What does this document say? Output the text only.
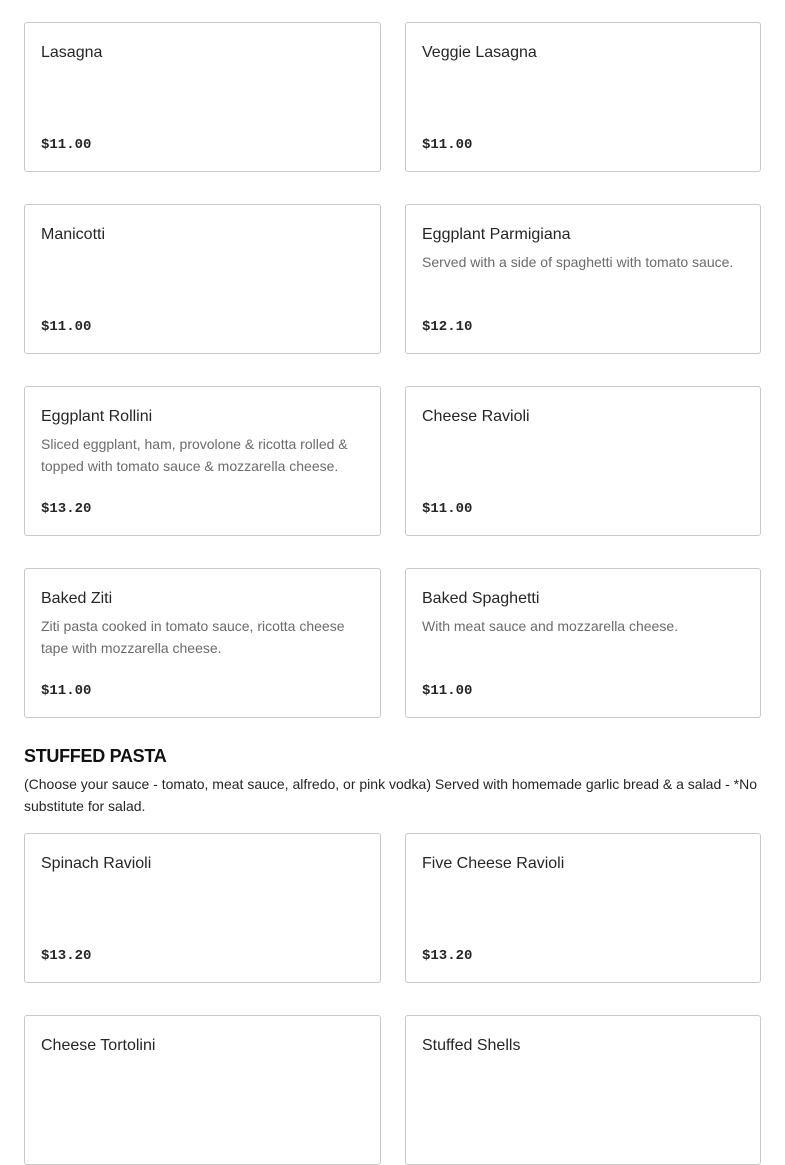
Lasagna
$11.00
Veggie Lasagna
$11.00
Manicotti
$11.00
Eggplant Parmigiana
Served with a side of spaghetti with tomato sauce.
$12.10
Eggplant Rollini
Sliced eggplant, ham, provolone & ricotta rolled & topped with tomato sauce & mozzarella cheese.
$13.20
Cheese Ravioli
$11.00
Baked Ziti
Ziti pasta cooked in tomato sauce, ricotta cheese tape with mozzarella cheese.
$11.00
Baked Spaghetti
With meat sauce and mozzarella cheese.
$11.00
STUFFED PASTA

(Choose your sauce - tomato, meat sauce, alfredo, or pink vodka) Served with homemade garlic bread & a salad - *No substitute for salad.

Spinach Ravioli
$13.20
Five Cheese Ravioli
$13.20
Cheese Tortolini	Stuffed Shells
